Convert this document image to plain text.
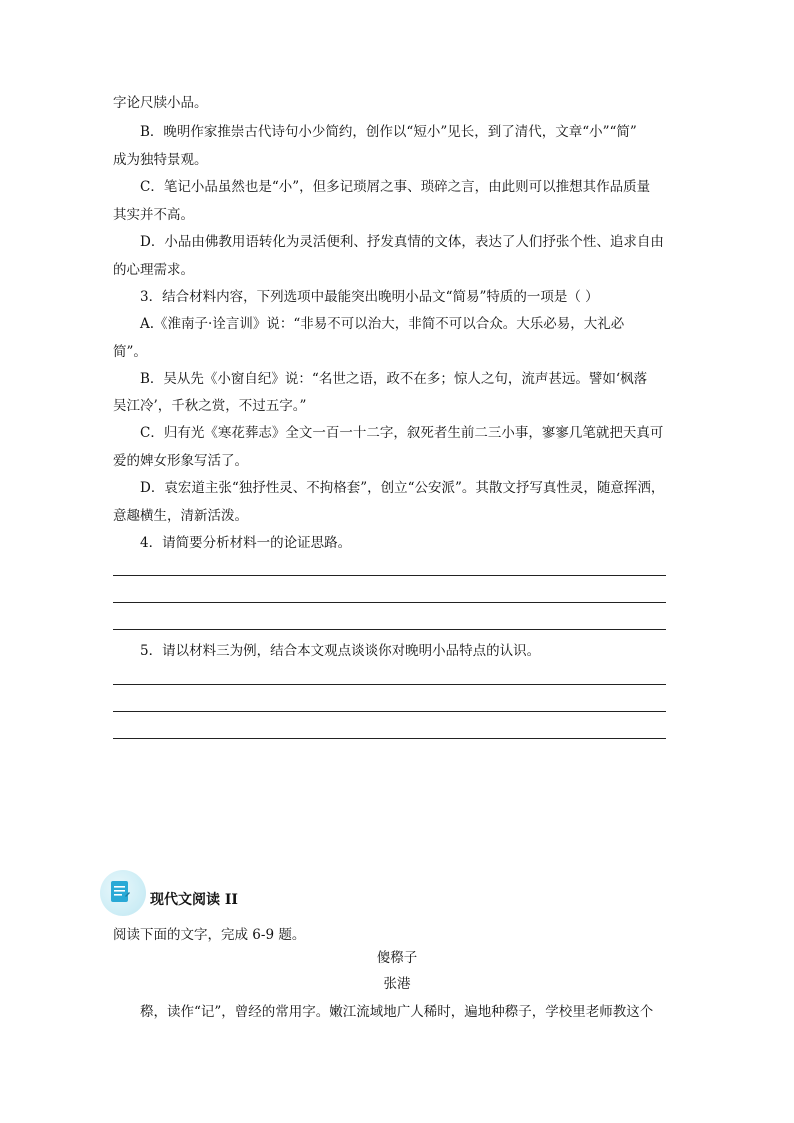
字论尺牍小品。
B．晚明作家推崇古代诗句小少简约，创作以“短小”见长，到了清代，文章“小”“简”
成为独特景观。
C．笔记小品虽然也是“小”，但多记琐屑之事、琐碎之言，由此则可以推想其作品质量
其实并不高。
D．小品由佛教用语转化为灵活便利、抒发真情的文体，表达了人们抒张个性、追求自由
的心理需求。
3．结合材料内容，下列选项中最能突出晚明小品文“简易”特质的一项是（ ）
A.《淮南子·诠言训》说：“非易不可以治大，非简不可以合众。大乐必易，大礼必
简”。
B．吴从先《小窗自纪》说：“名世之语，政不在多；惊人之句，流声甚远。譬如‘枫落
吴江冷’，千秋之赏，不过五字。”
C．归有光《寒花葬志》全文一百一十二字，叙死者生前二三小事，寥寥几笔就把天真可
爱的婢女形象写活了。
D．袁宏道主张“独抒性灵、不拘格套”，创立“公安派”。其散文抒写真性灵，随意挥洒，
意趣横生，清新活泼。
4．请简要分析材料一的论证思路。
5．请以材料三为例，结合本文观点谈谈你对晚明小品特点的认识。
现代文阅读 II
阅读下面的文字，完成 6-9 题。
傻穄子
张港
穄，读作“记”，曾经的常用字。嫩江流域地广人稀时，遍地种穄子，学校里老师教这个
